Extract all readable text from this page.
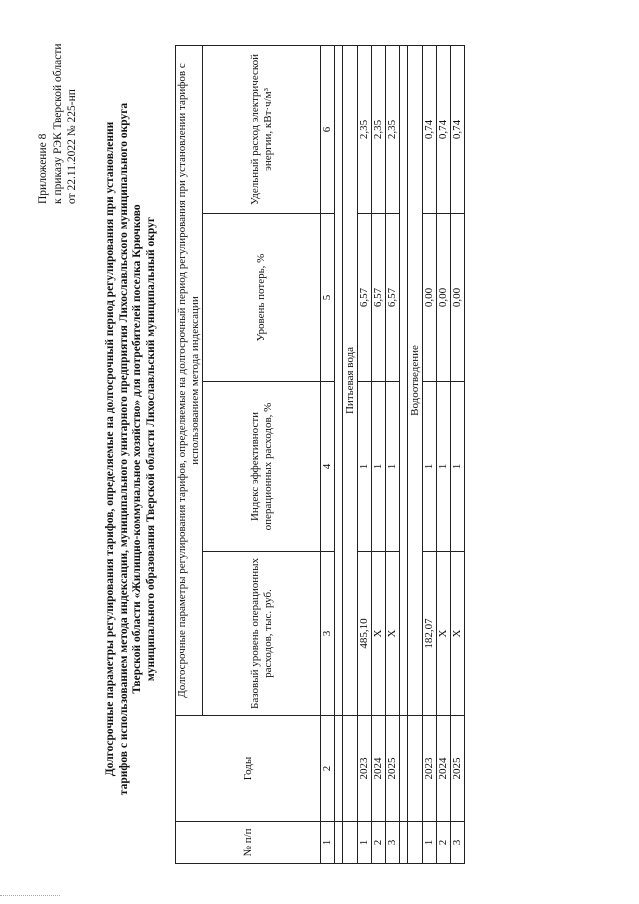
Приложение 8 к приказу РЭК Тверской области от 22.11.2022 № 225-нп Долгосрочные параметры регулирования тарифов, определяемые на долгосрочный период регулирования при установлении тарифов с использованием метода индексации, муниципального унитарного предприятия Лихославльского муниципального округа Тверской области «Жилищно-коммунальное хозяйство» для потребителей поселка Крючково муниципального образования Тверской области Лихославльский муниципальный округ
№ п/п	Годы	Долгосрочные параметры регулирования тарифов, определяемые на долгосрочный период регулирования при установлении тарифов с использованием метода индексации			
		Базовый уровень операционных расходов, тыс. руб.	Индекс эффективности операционных расходов, %	Уровень потерь, %	Удельный расход электрической энергии, кВт·ч/м³
1	2	3	4	5	6

		Питьевая вода			
1	2023	485,10	1	6,57	2,35
2	2024	Х	1	6,57	2,35
3	2025	Х	1	6,57	2,35

		Водоотведение			
1	2023	182,07	1	0,00	0,74
2	2024	Х	1	0,00	0,74
3	2025	Х	1	0,00	0,74
